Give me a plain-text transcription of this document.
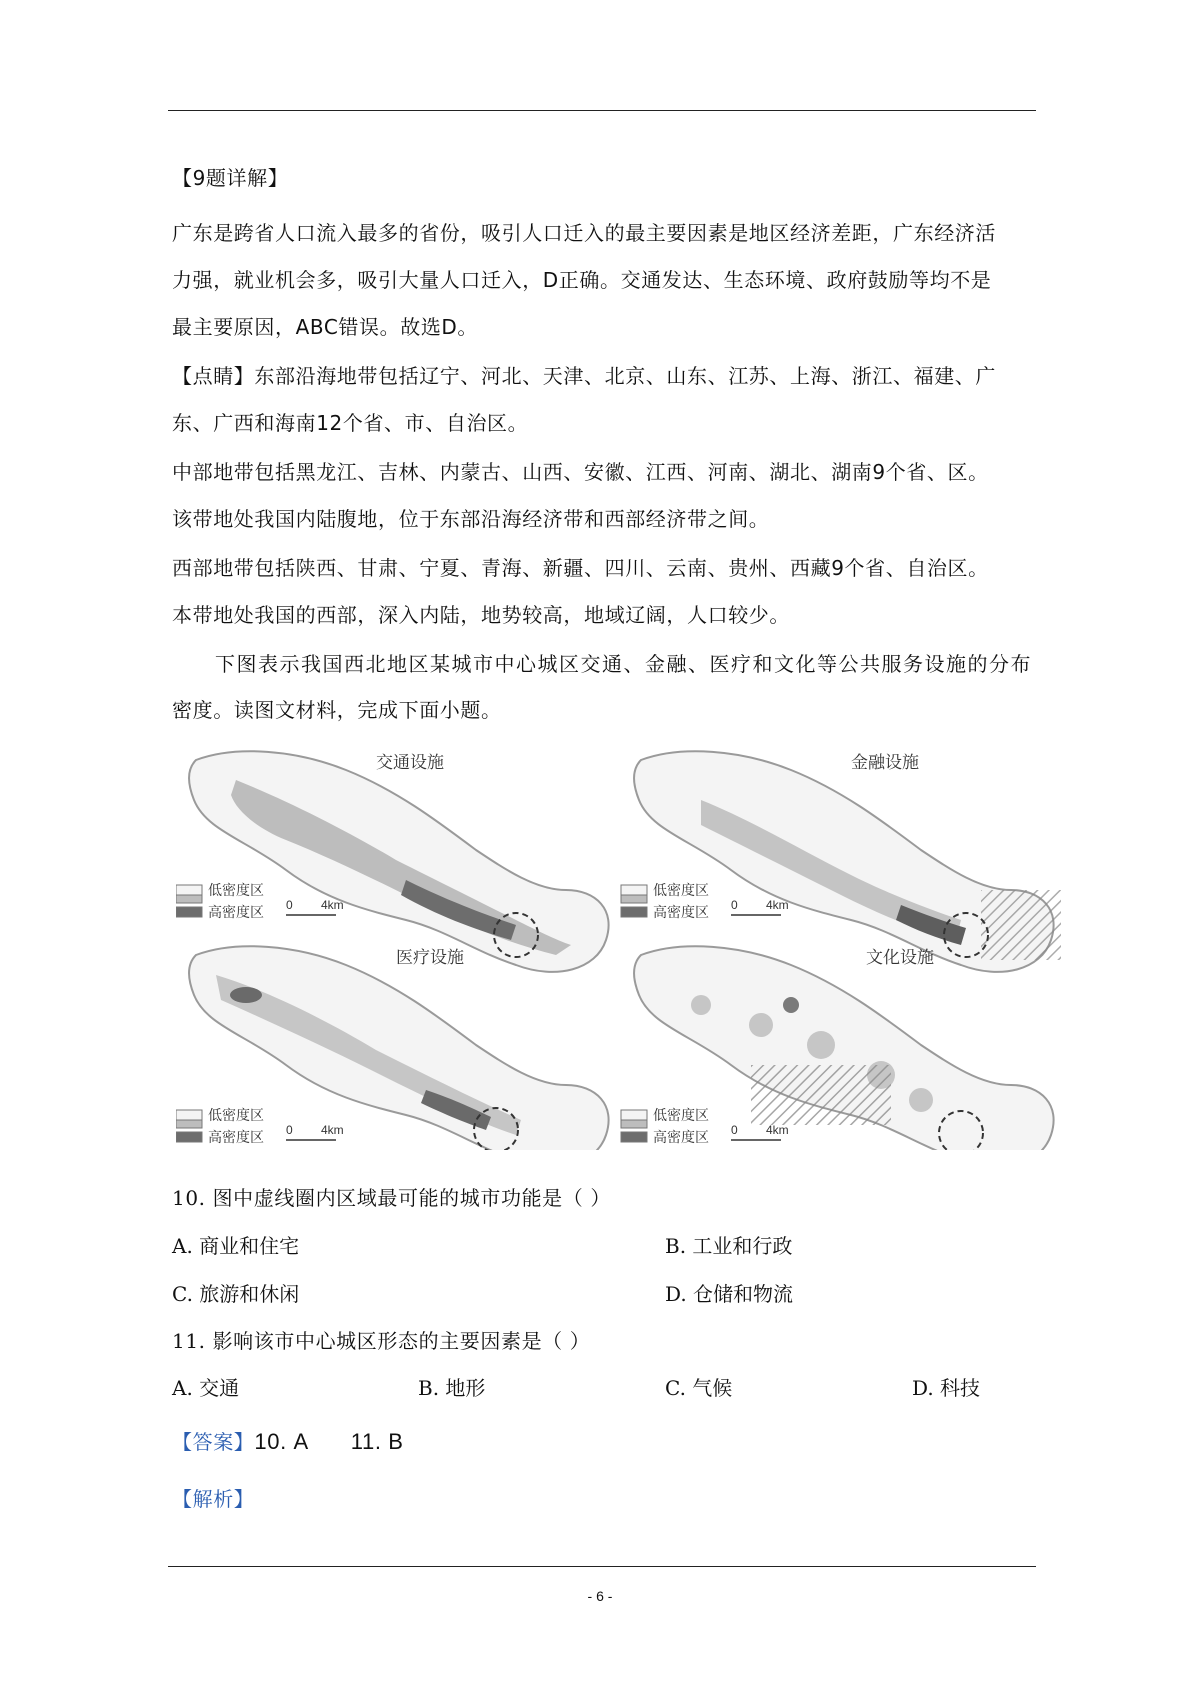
【9题详解】
广东是跨省人口流入最多的省份，吸引人口迁入的最主要因素是地区经济差距，广东经济活
力强，就业机会多，吸引大量人口迁入，D正确。交通发达、生态环境、政府鼓励等均不是
最主要原因，ABC错误。故选D。
【点睛】东部沿海地带包括辽宁、河北、天津、北京、山东、江苏、上海、浙江、福建、广
东、广西和海南12个省、市、自治区。
中部地带包括黑龙江、吉林、内蒙古、山西、安徽、江西、河南、湖北、湖南9个省、区。
该带地处我国内陆腹地，位于东部沿海经济带和西部经济带之间。
西部地带包括陕西、甘肃、宁夏、青海、新疆、四川、云南、贵州、西藏9个省、自治区。
本带地处我国的西部，深入内陆，地势较高，地域辽阔，人口较少。
下图表示我国西北地区某城市中心城区交通、金融、医疗和文化等公共服务设施的分布
密度。读图文材料，完成下面小题。
交通设施	金融设施
医疗设施	文化设施
低密度区
高密度区 0 4km
低密度区
高密度区 0 4km
低密度区
高密度区 0 4km
低密度区
高密度区 0 4km
10. 图中虚线圈内区域最可能的城市功能是（ ）
A. 商业和住宅	B. 工业和行政
C. 旅游和休闲	D. 仓储和物流
11. 影响该市中心城区形态的主要因素是（ ）
A. 交通	B. 地形	C. 气候	D. 科技
【答案】10. A 11. B
【解析】
- 6 -
